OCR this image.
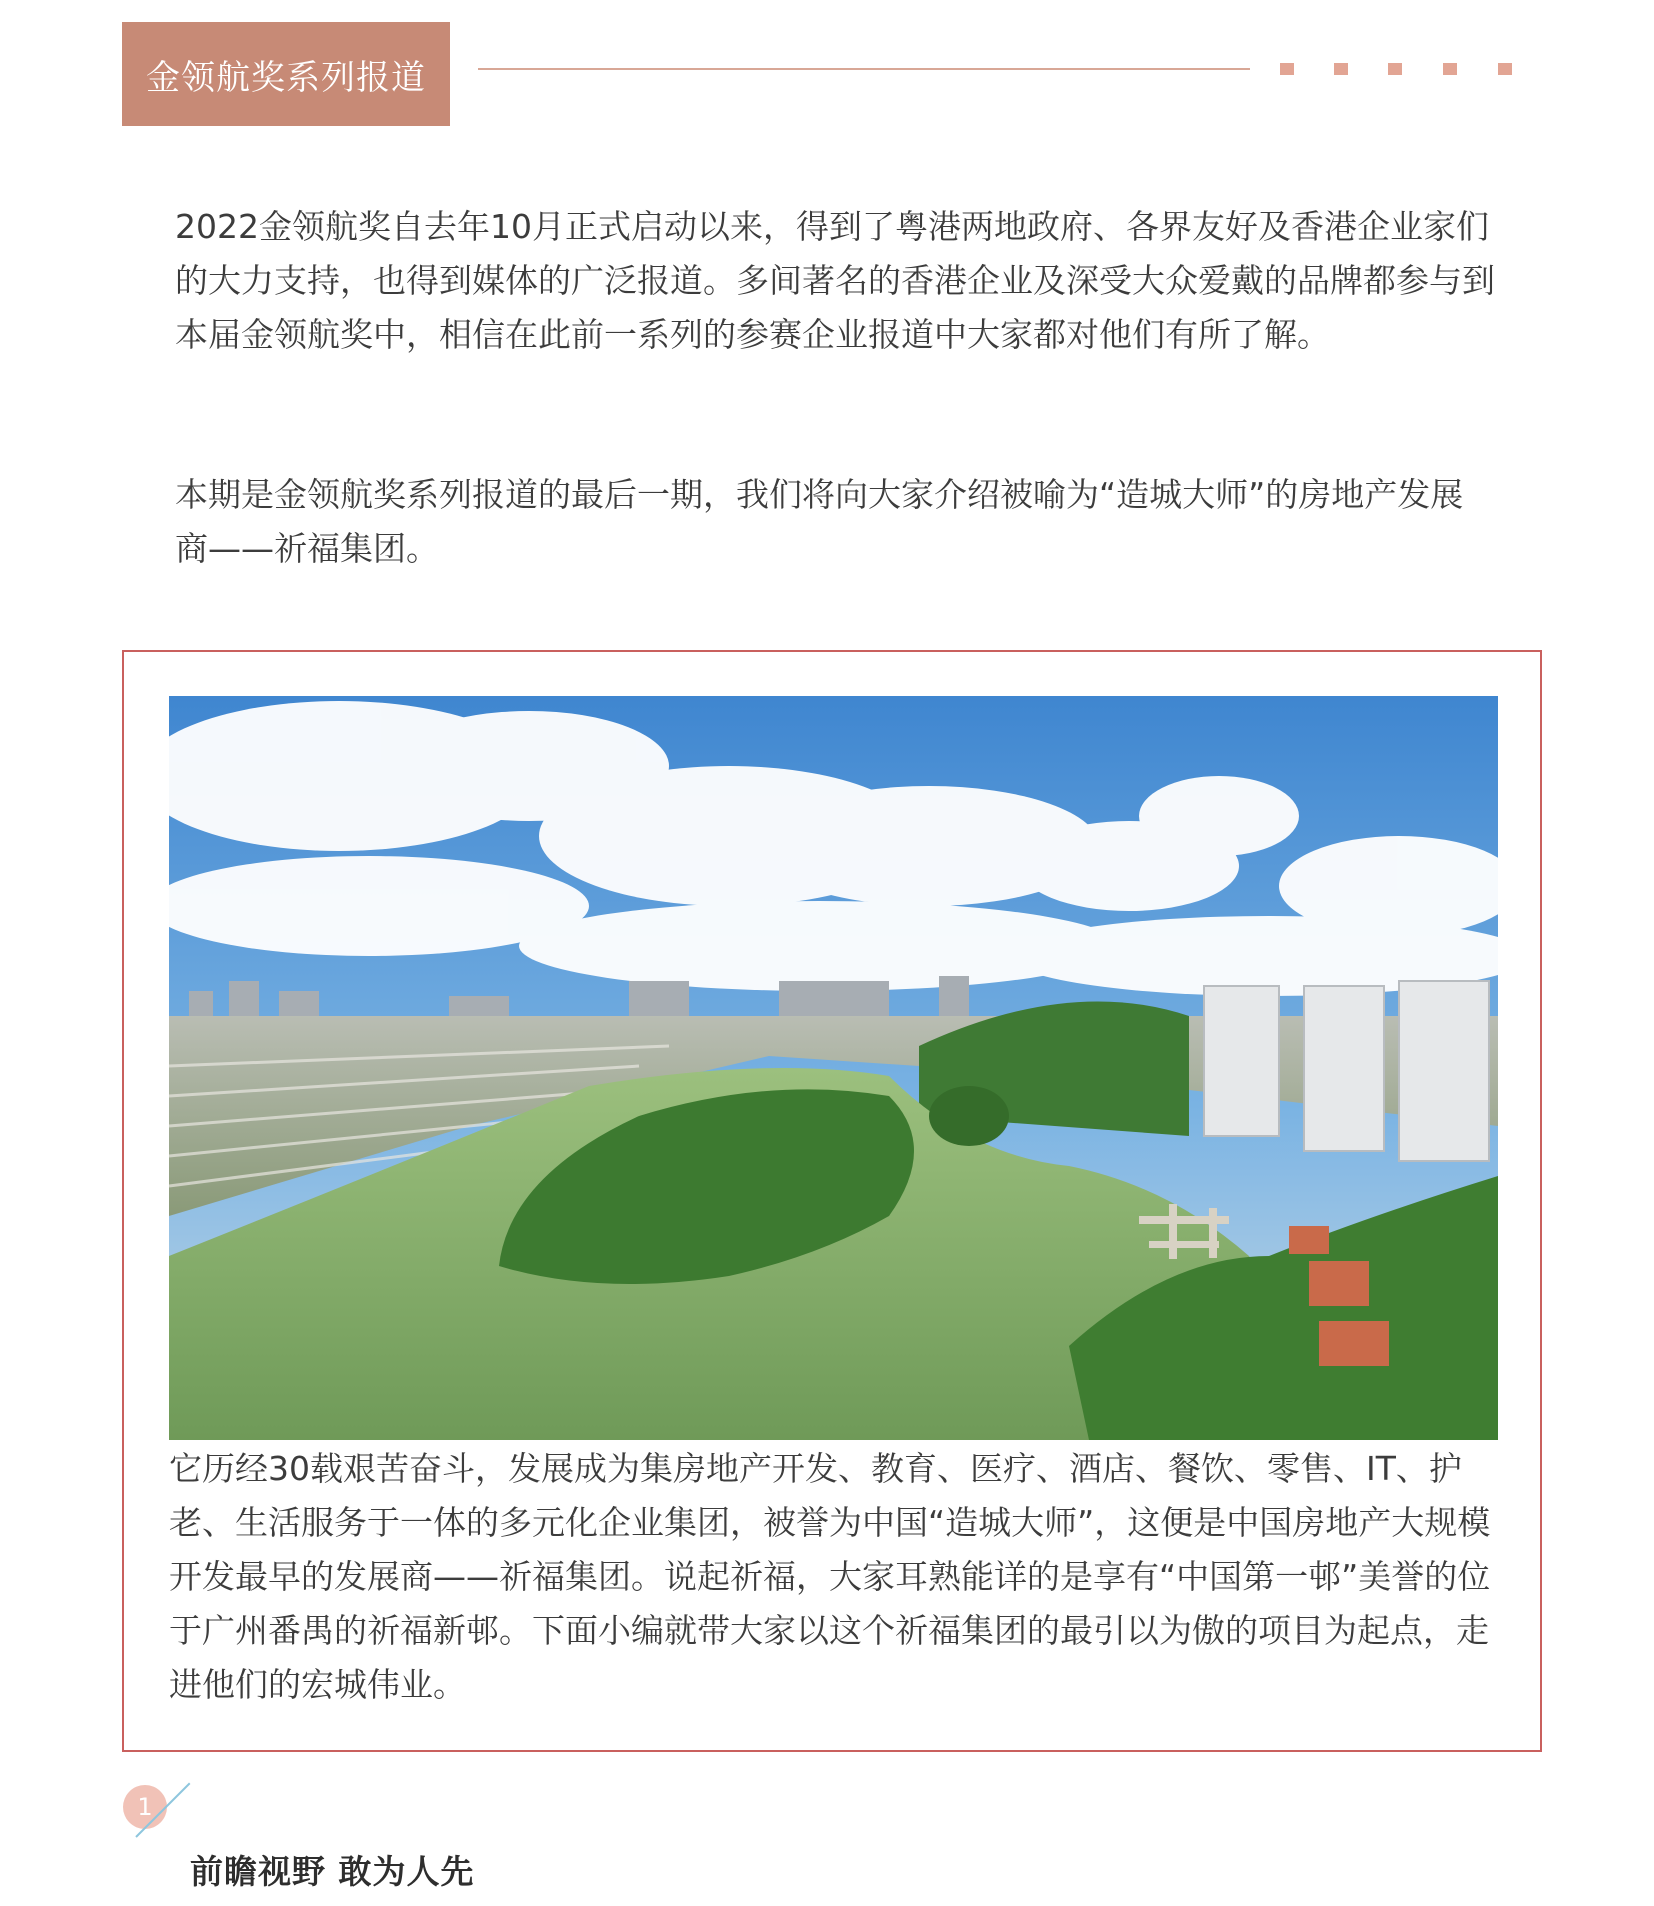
金领航奖系列报道

2022金领航奖自去年10月正式启动以来，得到了粤港两地政府、各界友好及香港企业家们的大力支持，也得到媒体的广泛报道。多间著名的香港企业及深受大众爱戴的品牌都参与到本届金领航奖中，相信在此前一系列的参赛企业报道中大家都对他们有所了解。

本期是金领航奖系列报道的最后一期，我们将向大家介绍被喻为“造城大师”的房地产发展商——祈福集团。

它历经30载艰苦奋斗，发展成为集房地产开发、教育、医疗、酒店、餐饮、零售、IT、护老、生活服务于一体的多元化企业集团，被誉为中国“造城大师”，这便是中国房地产大规模开发最早的发展商——祈福集团。说起祈福，大家耳熟能详的是享有“中国第一邨”美誉的位于广州番禺的祈福新邨。下面小编就带大家以这个祈福集团的最引以为傲的项目为起点，走进他们的宏城伟业。

1
前瞻视野 敢为人先
